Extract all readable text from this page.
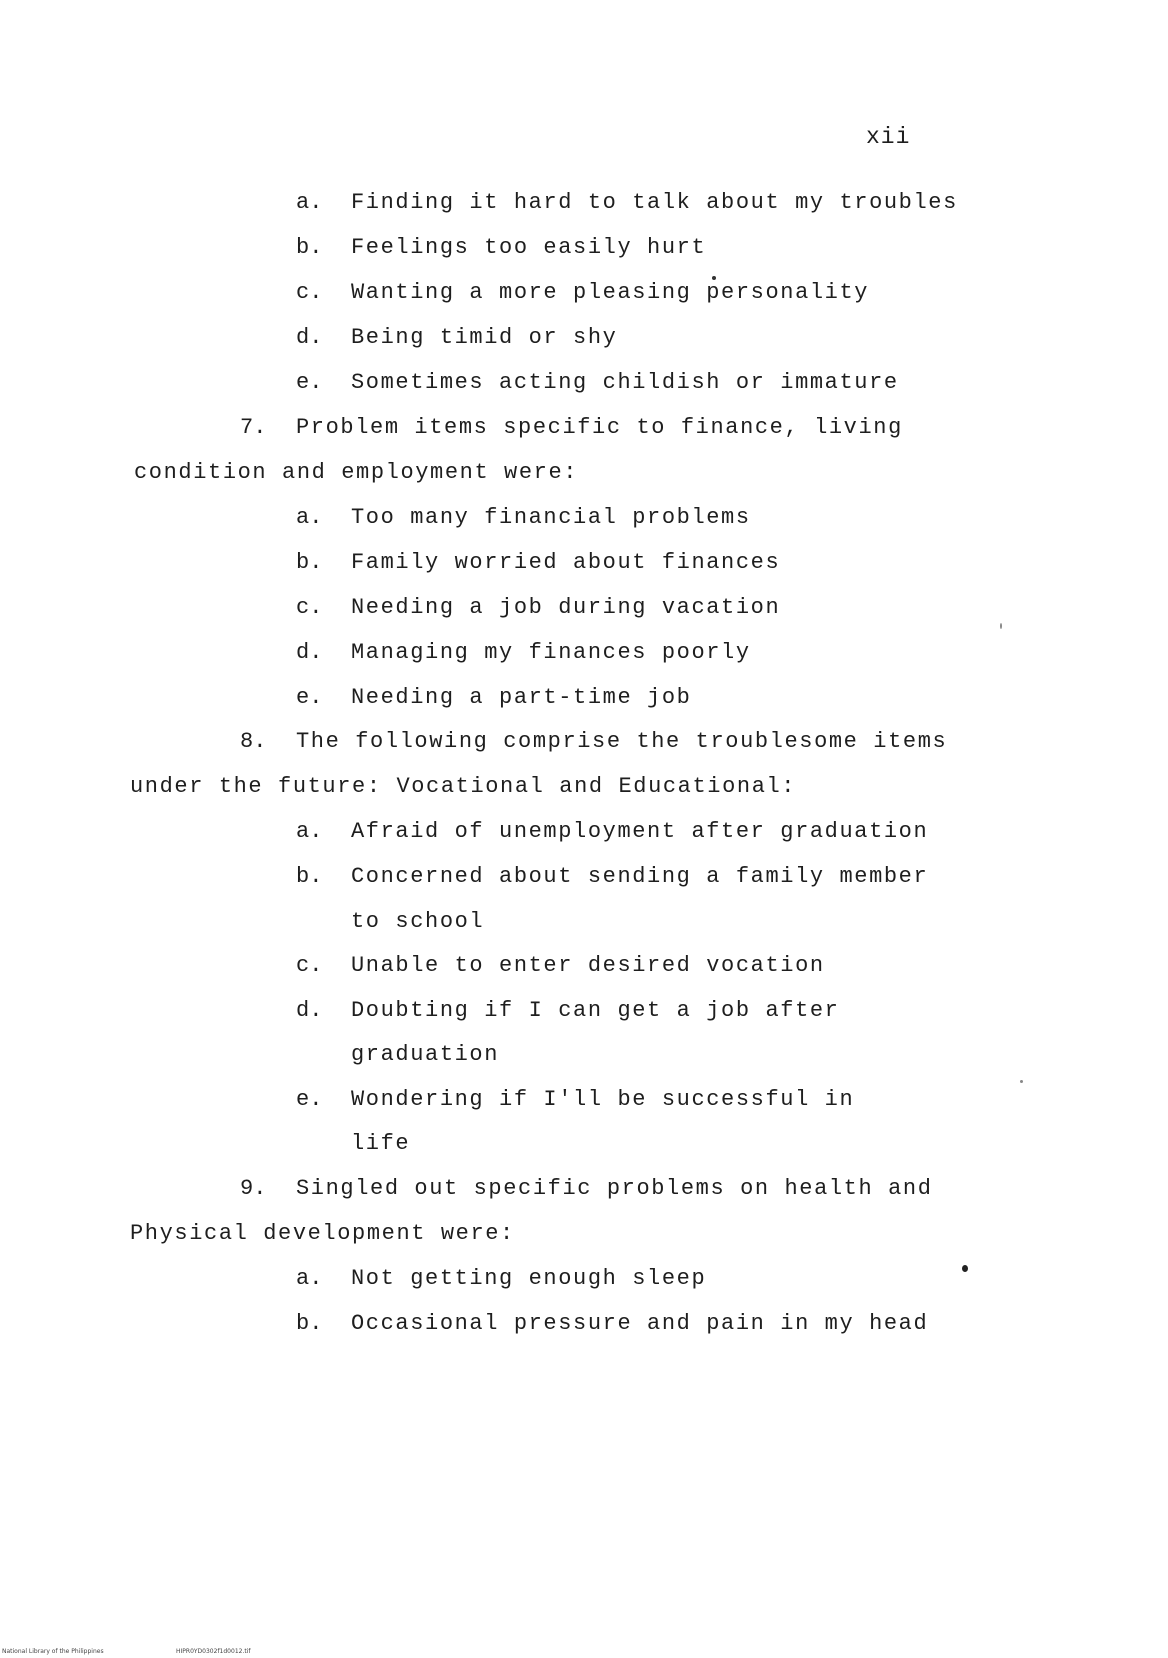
xii
a. Finding it hard to talk about my troubles
b. Feelings too easily hurt
c. Wanting a more pleasing personality
d. Being timid or shy
e. Sometimes acting childish or immature
7. Problem items specific to finance, living
condition and employment were:
a. Too many financial problems
b. Family worried about finances
c. Needing a job during vacation
d. Managing my finances poorly
e. Needing a part-time job
8. The following comprise the troublesome items
under the future: Vocational and Educational:
a. Afraid of unemployment after graduation
b. Concerned about sending a family member
to school
c. Unable to enter desired vocation
d. Doubting if I can get a job after
graduation
e. Wondering if I'll be successful in
life
9. Singled out specific problems on health and
Physical development were:
a. Not getting enough sleep
b. Occasional pressure and pain in my head
National Library of the Philippines	HIPR0YD0302f1d0012.tif
